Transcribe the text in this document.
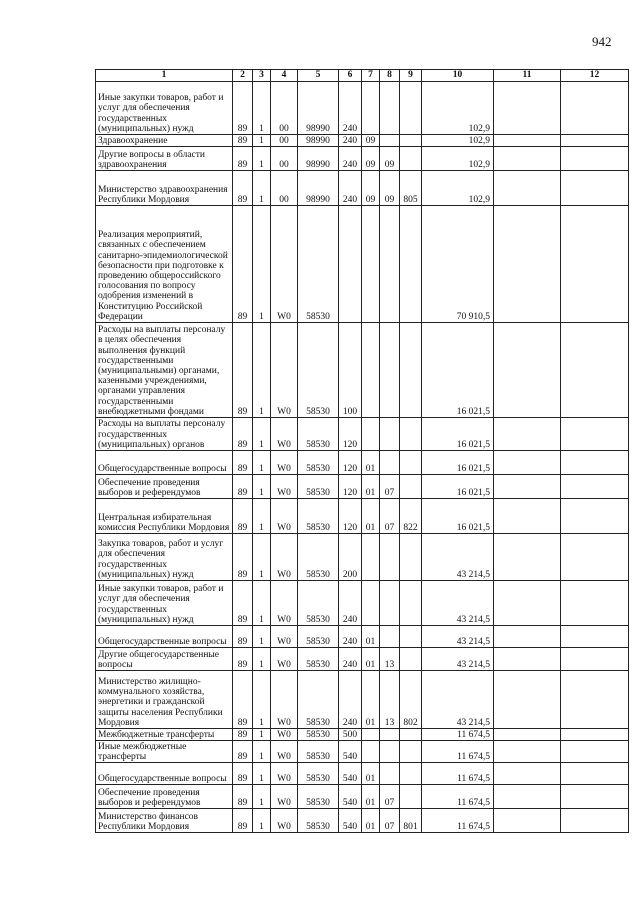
942
1	2	3	4	5	6	7	8	9	10	11	12
Иные закупки товаров, работ и услуг для обеспечения государственных (муниципальных) нужд	89	1	00	98990	240				102,9		
Здравоохранение	89	1	00	98990	240	09			102,9		
Другие вопросы в области здравоохранения	89	1	00	98990	240	09	09		102,9		
Министерство здравоохранения Республики Мордовия	89	1	00	98990	240	09	09	805	102,9		
Реализация мероприятий, связанных с обеспечением санитарно-эпидемиологической безопасности при подготовке к проведению общероссийского голосования по вопросу одобрения изменений в Конституцию Российской Федерации	89	1	W0	58530					70 910,5		
Расходы на выплаты персоналу в целях обеспечения выполнения функций государственными (муниципальными) органами, казенными учреждениями, органами управления государственными внебюджетными фондами	89	1	W0	58530	100				16 021,5		
Расходы на выплаты персоналу государственных (муниципальных) органов	89	1	W0	58530	120				16 021,5		
Общегосударственные вопросы	89	1	W0	58530	120	01			16 021,5		
Обеспечение проведения выборов и референдумов	89	1	W0	58530	120	01	07		16 021,5		
Центральная избирательная комиссия Республики Мордовия	89	1	W0	58530	120	01	07	822	16 021,5		
Закупка товаров, работ и услуг для обеспечения государственных (муниципальных) нужд	89	1	W0	58530	200				43 214,5		
Иные закупки товаров, работ и услуг для обеспечения государственных (муниципальных) нужд	89	1	W0	58530	240				43 214,5		
Общегосударственные вопросы	89	1	W0	58530	240	01			43 214,5		
Другие общегосударственные вопросы	89	1	W0	58530	240	01	13		43 214,5		
Министерство жилищно-коммунального хозяйства, энергетики и гражданской защиты населения Республики Мордовия	89	1	W0	58530	240	01	13	802	43 214,5		
Межбюджетные трансферты	89	1	W0	58530	500				11 674,5		
Иные межбюджетные трансферты	89	1	W0	58530	540				11 674,5		
Общегосударственные вопросы	89	1	W0	58530	540	01			11 674,5		
Обеспечение проведения выборов и референдумов	89	1	W0	58530	540	01	07		11 674,5		
Министерство финансов Республики Мордовия	89	1	W0	58530	540	01	07	801	11 674,5		
